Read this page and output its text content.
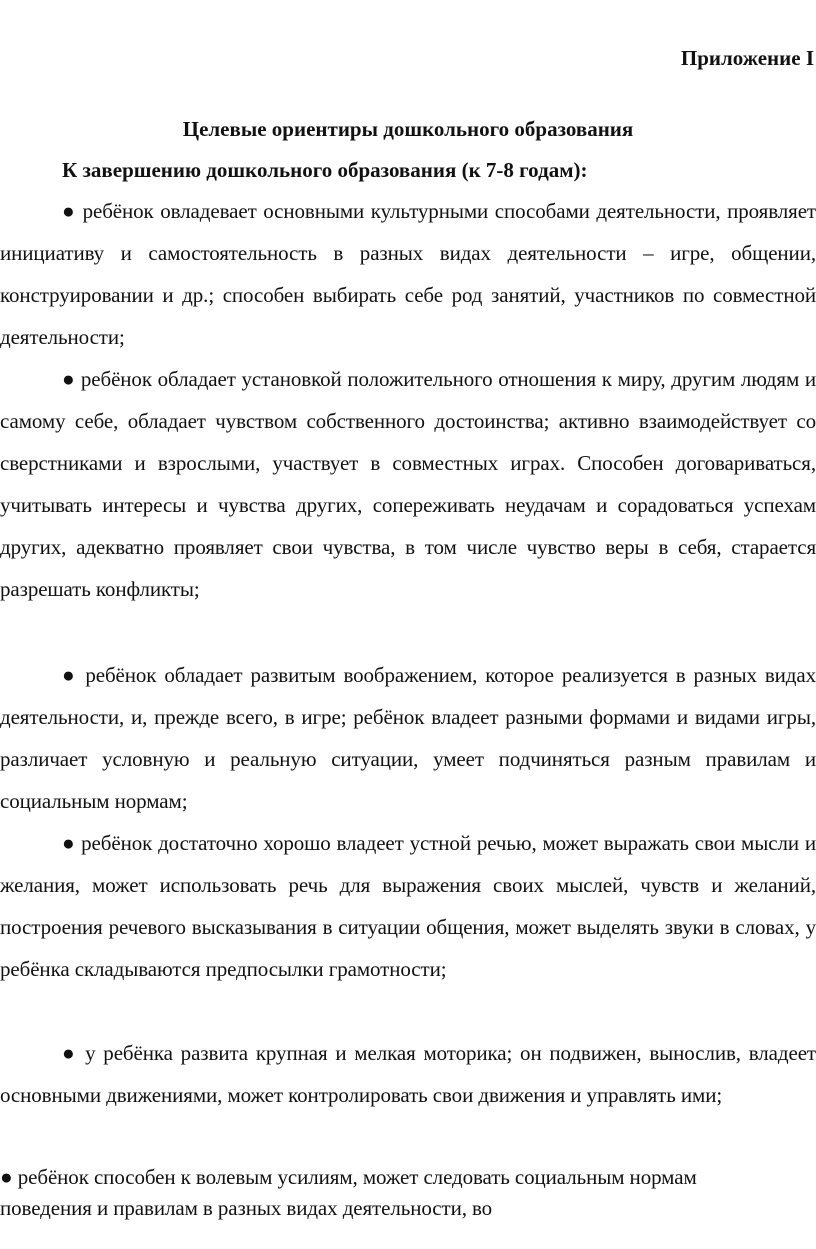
Приложение I
Целевые ориентиры дошкольного образования
К завершению дошкольного образования (к 7-8 годам):

● ребёнок овладевает основными культурными способами деятельности, проявляет инициативу и самостоятельность в разных видах деятельности – игре, общении, конструировании и др.; способен выбирать себе род занятий, участников по совместной деятельности;

● ребёнок обладает установкой положительного отношения к миру, другим людям и самому себе, обладает чувством собственного достоинства; активно взаимодействует со сверстниками и взрослыми, участвует в совместных играх. Способен договариваться, учитывать интересы и чувства других, сопереживать неудачам и сорадоваться успехам других, адекватно проявляет свои чувства, в том числе чувство веры в себя, старается разрешать конфликты;

● ребёнок обладает развитым воображением, которое реализуется в разных видах деятельности, и, прежде всего, в игре; ребёнок владеет разными формами и видами игры, различает условную и реальную ситуации, умеет подчиняться разным правилам и социальным нормам;

● ребёнок достаточно хорошо владеет устной речью, может выражать свои мысли и желания, может использовать речь для выражения своих мыслей, чувств и желаний, построения речевого высказывания в ситуации общения, может выделять звуки в словах, у ребёнка складываются предпосылки грамотности;

● у ребёнка развита крупная и мелкая моторика; он подвижен, вынослив, владеет основными движениями, может контролировать свои движения и управлять ими;

● ребёнок способен к волевым усилиям, может следовать социальным нормам поведения и правилам в разных видах деятельности, во
